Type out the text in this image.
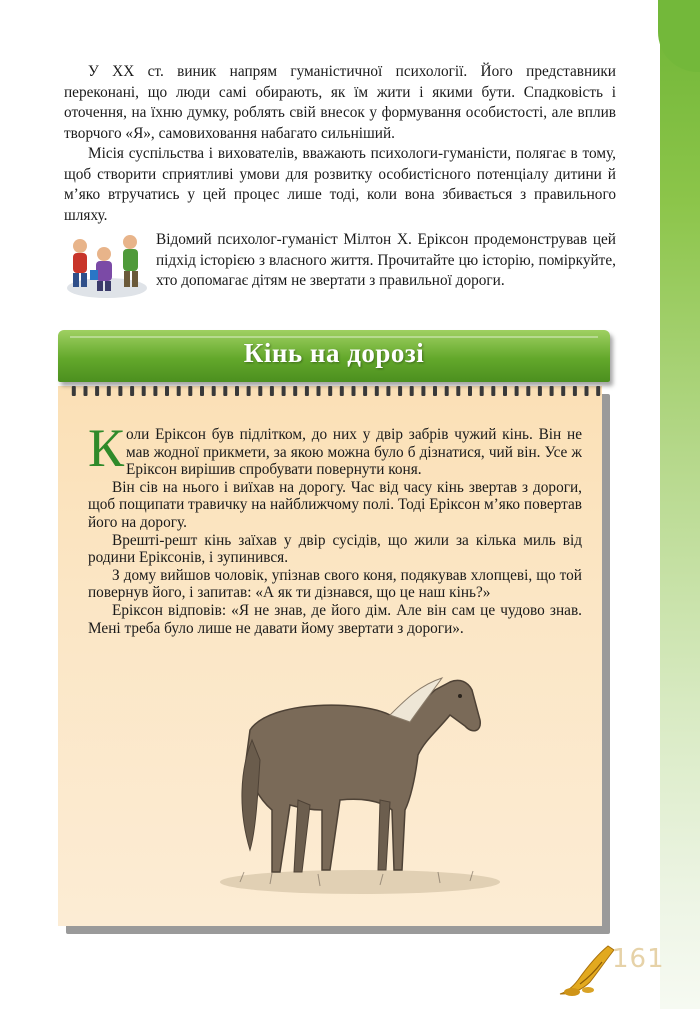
У XX ст. виник напрям гуманістичної психології. Його представники переконані, що люди самі обирають, як їм жити і якими бути. Спадковість і оточення, на їхню думку, роблять свій внесок у формування особистості, але вплив творчого «Я», самовиховання набагато сильніший.

Місія суспільства і вихователів, вважають психологи-гуманісти, полягає в тому, щоб створити сприятливі умови для розвитку особистісного потенціалу дитини й м’яко втручатись у цей процес лише тоді, коли вона збивається з правильного шляху.

Відомий психолог-гуманіст Мілтон Х. Еріксон продемонстрував цей підхід історією з власного життя. Прочитайте цю історію, поміркуйте, хто допомагає дітям не звертати з правильної дороги.

Кінь на дорозі

Коли Еріксон був підлітком, до них у двір забрів чужий кінь. Він не мав жодної прикмети, за якою можна було б дізнатися, чий він. Усе ж Еріксон вирішив спробувати повернути коня.

Він сів на нього і виїхав на дорогу. Час від часу кінь звертав з дороги, щоб пощипати травичку на найближчому полі. Тоді Еріксон м’яко повертав його на дорогу.

Врешті-решт кінь заїхав у двір сусідів, що жили за кілька миль від родини Еріксонів, і зупинився.

З дому вийшов чоловік, упізнав свого коня, подякував хлопцеві, що той повернув його, і запитав: «А як ти дізнався, що це наш кінь?»

Еріксон відповів: «Я не знав, де його дім. Але він сам це чудово знав. Мені треба було лише не давати йому звертати з дороги».

161
